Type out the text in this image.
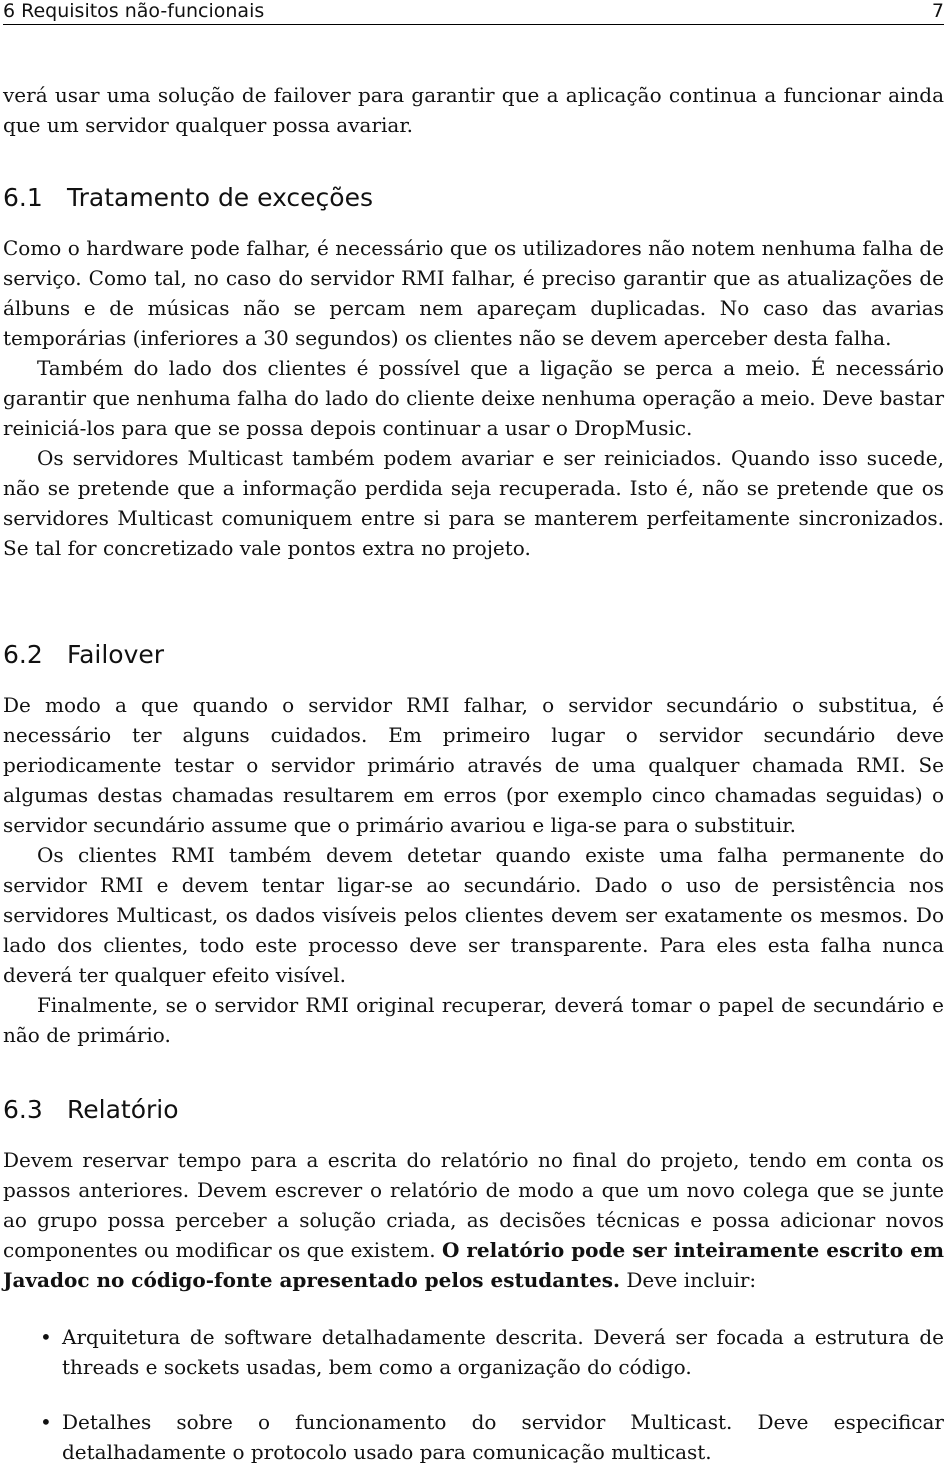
6 Requisitos não-funcionais	7

verá usar uma solução de failover para garantir que a aplicação continua a funcionar ainda que um servidor qualquer possa avariar.

6.1 Tratamento de exceções

Como o hardware pode falhar, é necessário que os utilizadores não notem nenhuma falha de serviço. Como tal, no caso do servidor RMI falhar, é preciso garantir que as atualizações de álbuns e de músicas não se percam nem apareçam duplicadas. No caso das avarias temporárias (inferiores a 30 segundos) os clientes não se devem aperceber desta falha.

Também do lado dos clientes é possível que a ligação se perca a meio. É necessário garantir que nenhuma falha do lado do cliente deixe nenhuma operação a meio. Deve bastar reiniciá-los para que se possa depois continuar a usar o DropMusic.

Os servidores Multicast também podem avariar e ser reiniciados. Quando isso sucede, não se pretende que a informação perdida seja recuperada. Isto é, não se pretende que os servidores Multicast comuniquem entre si para se manterem perfeitamente sincronizados. Se tal for concretizado vale pontos extra no projeto.

6.2 Failover

De modo a que quando o servidor RMI falhar, o servidor secundário o substitua, é necessário ter alguns cuidados. Em primeiro lugar o servidor secundário deve periodicamente testar o servidor primário através de uma qualquer chamada RMI. Se algumas destas chamadas resultarem em erros (por exemplo cinco chamadas seguidas) o servidor secundário assume que o primário avariou e liga-se para o substituir.

Os clientes RMI também devem detetar quando existe uma falha permanente do servidor RMI e devem tentar ligar-se ao secundário. Dado o uso de persistência nos servidores Multicast, os dados visíveis pelos clientes devem ser exatamente os mesmos. Do lado dos clientes, todo este processo deve ser transparente. Para eles esta falha nunca deverá ter qualquer efeito visível.

Finalmente, se o servidor RMI original recuperar, deverá tomar o papel de secundário e não de primário.

6.3 Relatório

Devem reservar tempo para a escrita do relatório no final do projeto, tendo em conta os passos anteriores. Devem escrever o relatório de modo a que um novo colega que se junte ao grupo possa perceber a solução criada, as decisões técnicas e possa adicionar novos componentes ou modificar os que existem. O relatório pode ser inteiramente escrito em Javadoc no código-fonte apresentado pelos estudantes. Deve incluir:

• Arquitetura de software detalhadamente descrita. Deverá ser focada a estrutura de threads e sockets usadas, bem como a organização do código.
• Detalhes sobre o funcionamento do servidor Multicast. Deve especificar detalhadamente o protocolo usado para comunicação multicast.
